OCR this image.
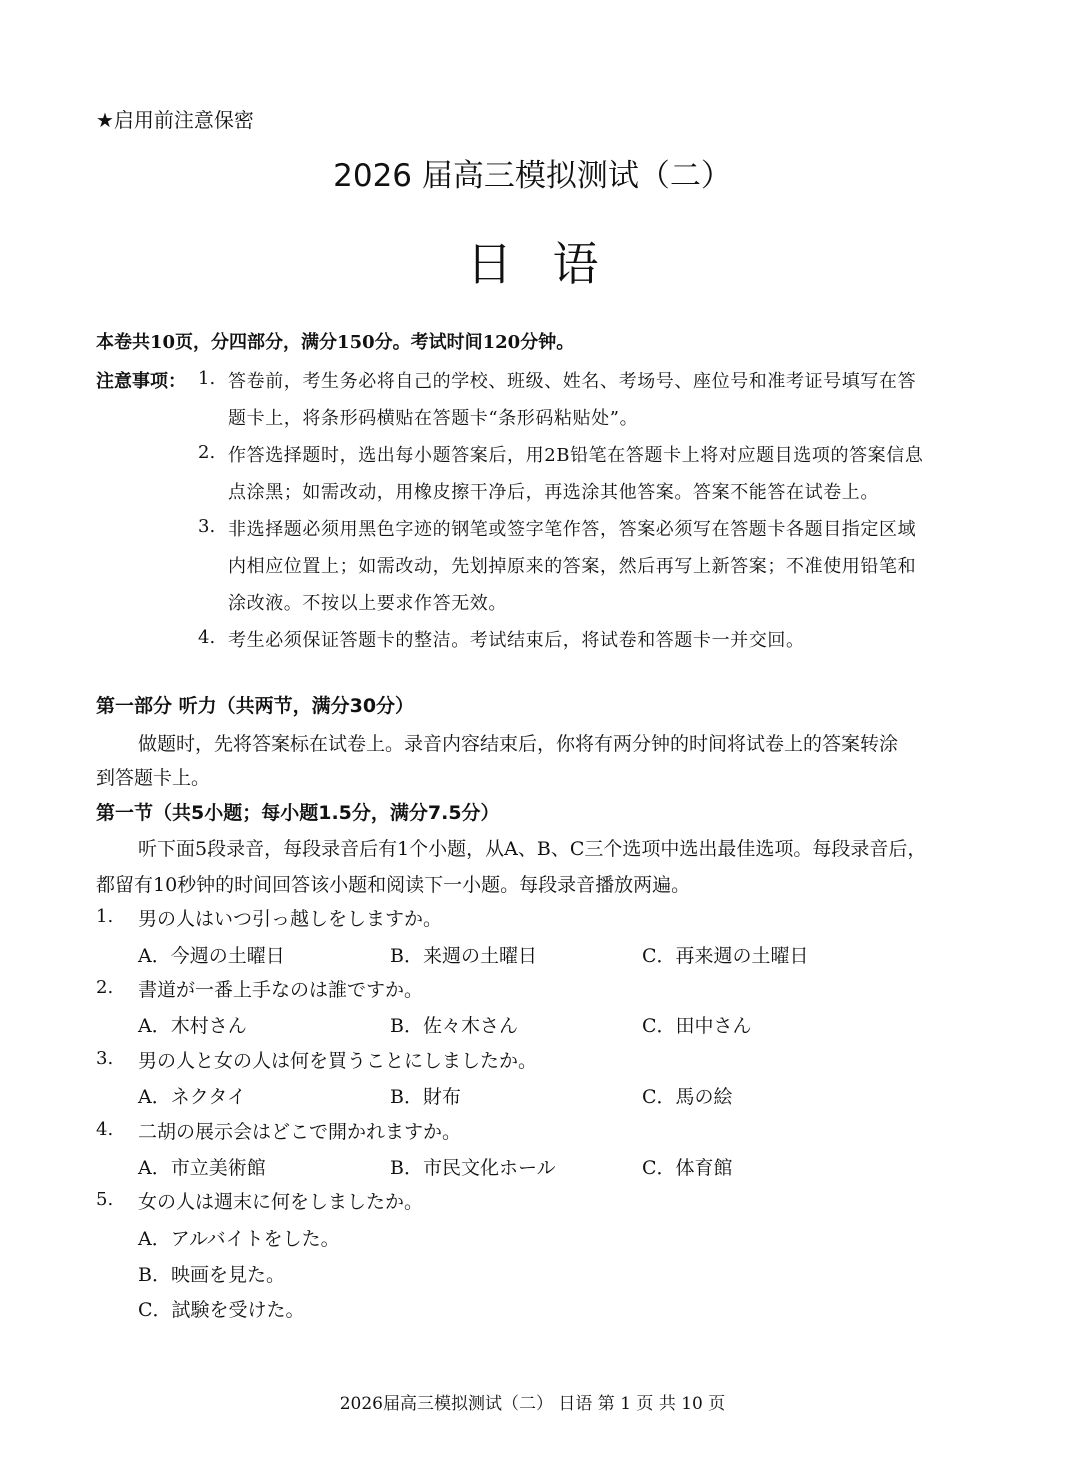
★启用前注意保密
2026 届高三模拟测试（二）
日语
本卷共10页，分四部分，满分150分。考试时间120分钟。
注意事项： 1. 答卷前，考生务必将自己的学校、班级、姓名、考场号、座位号和准考证号填写在答
题卡上，将条形码横贴在答题卡“条形码粘贴处”。
2. 作答选择题时，选出每小题答案后，用2B铅笔在答题卡上将对应题目选项的答案信息
点涂黑；如需改动，用橡皮擦干净后，再选涂其他答案。答案不能答在试卷上。
3. 非选择题必须用黑色字迹的钢笔或签字笔作答，答案必须写在答题卡各题目指定区域
内相应位置上；如需改动，先划掉原来的答案，然后再写上新答案；不准使用铅笔和
涂改液。不按以上要求作答无效。
4. 考生必须保证答题卡的整洁。考试结束后，将试卷和答题卡一并交回。
第一部分 听力（共两节，满分30分）
做题时，先将答案标在试卷上。录音内容结束后，你将有两分钟的时间将试卷上的答案转涂
到答题卡上。
第一节（共5小题；每小题1.5分，满分7.5分）
听下面5段录音，每段录音后有1个小题，从A、B、C三个选项中选出最佳选项。每段录音后，
都留有10秒钟的时间回答该小题和阅读下一小题。每段录音播放两遍。
1. 男の人はいつ引っ越しをしますか。
A．今週の土曜日	B．来週の土曜日	C．再来週の土曜日
2. 書道が一番上手なのは誰ですか。
A．木村さん	B．佐々木さん	C．田中さん
3. 男の人と女の人は何を買うことにしましたか。
A．ネクタイ	B．財布	C．馬の絵
4. 二胡の展示会はどこで開かれますか。
A．市立美術館	B．市民文化ホール	C．体育館
5. 女の人は週末に何をしましたか。
A．アルバイトをした。
B．映画を見た。
C．試験を受けた。
2026届高三模拟测试（二） 日语 第 1 页 共 10 页
